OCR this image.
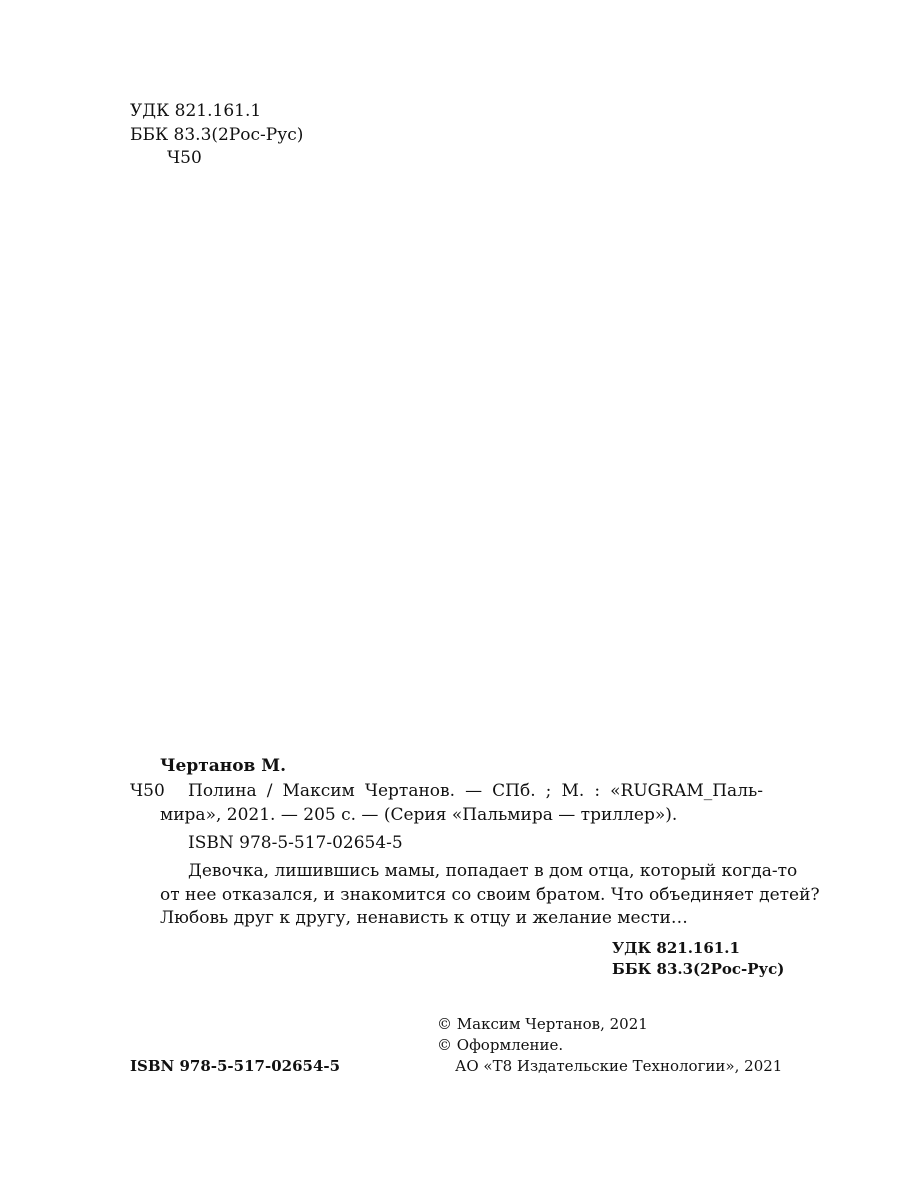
УДК 821.161.1
ББК 83.3(2Рос-Рус)
Ч50
Чертанов М.
Ч50 Полина / Максим Чертанов. — СПб. ; М. : «RUGRAM_Паль-
мира», 2021. — 205 с. — (Серия «Пальмира — триллер»).
ISBN 978-5-517-02654-5
Девочка, лишившись мамы, попадает в дом отца, который когда-то
от нее отказался, и знакомится со своим братом. Что объединяет детей?
Любовь друг к другу, ненависть к отцу и желание мести…
УДК 821.161.1
ББК 83.3(2Рос-Рус)
ISBN 978-5-517-02654-5
© Максим Чертанов, 2021
© Оформление.
АО «Т8 Издательские Технологии», 2021
